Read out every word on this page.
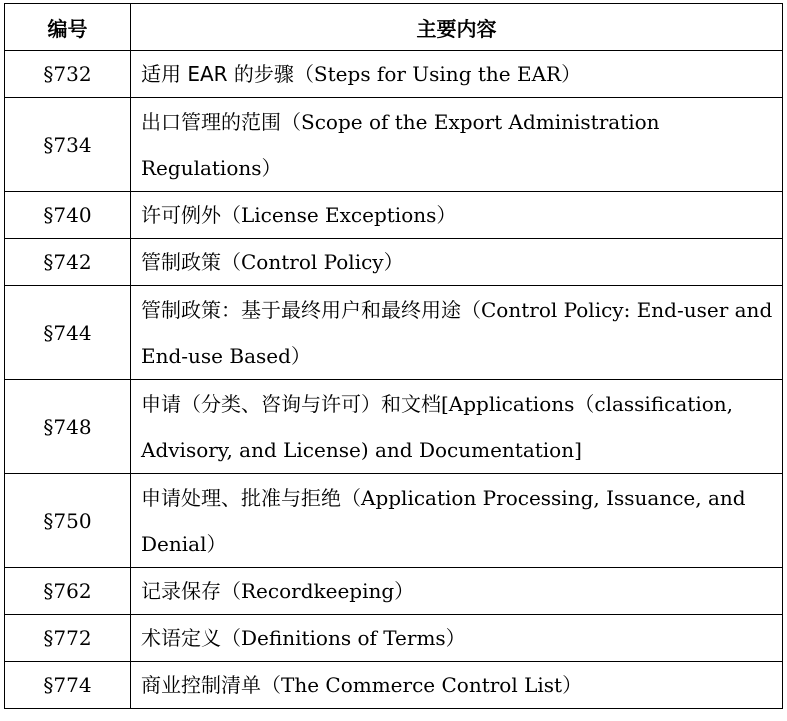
编号	主要内容
§732	适用 EAR 的步骤（Steps for Using the EAR）
§734	出口管理的范围（Scope of the Export Administration Regulations）
§740	许可例外（License Exceptions）
§742	管制政策（Control Policy）
§744	管制政策：基于最终用户和最终用途（Control Policy: End-user and End-use Based）
§748	申请（分类、咨询与许可）和文档[Applications（classification, Advisory, and License) and Documentation]
§750	申请处理、批准与拒绝（Application Processing, Issuance, and Denial）
§762	记录保存（Recordkeeping）
§772	术语定义（Definitions of Terms）
§774	商业控制清单（The Commerce Control List）
